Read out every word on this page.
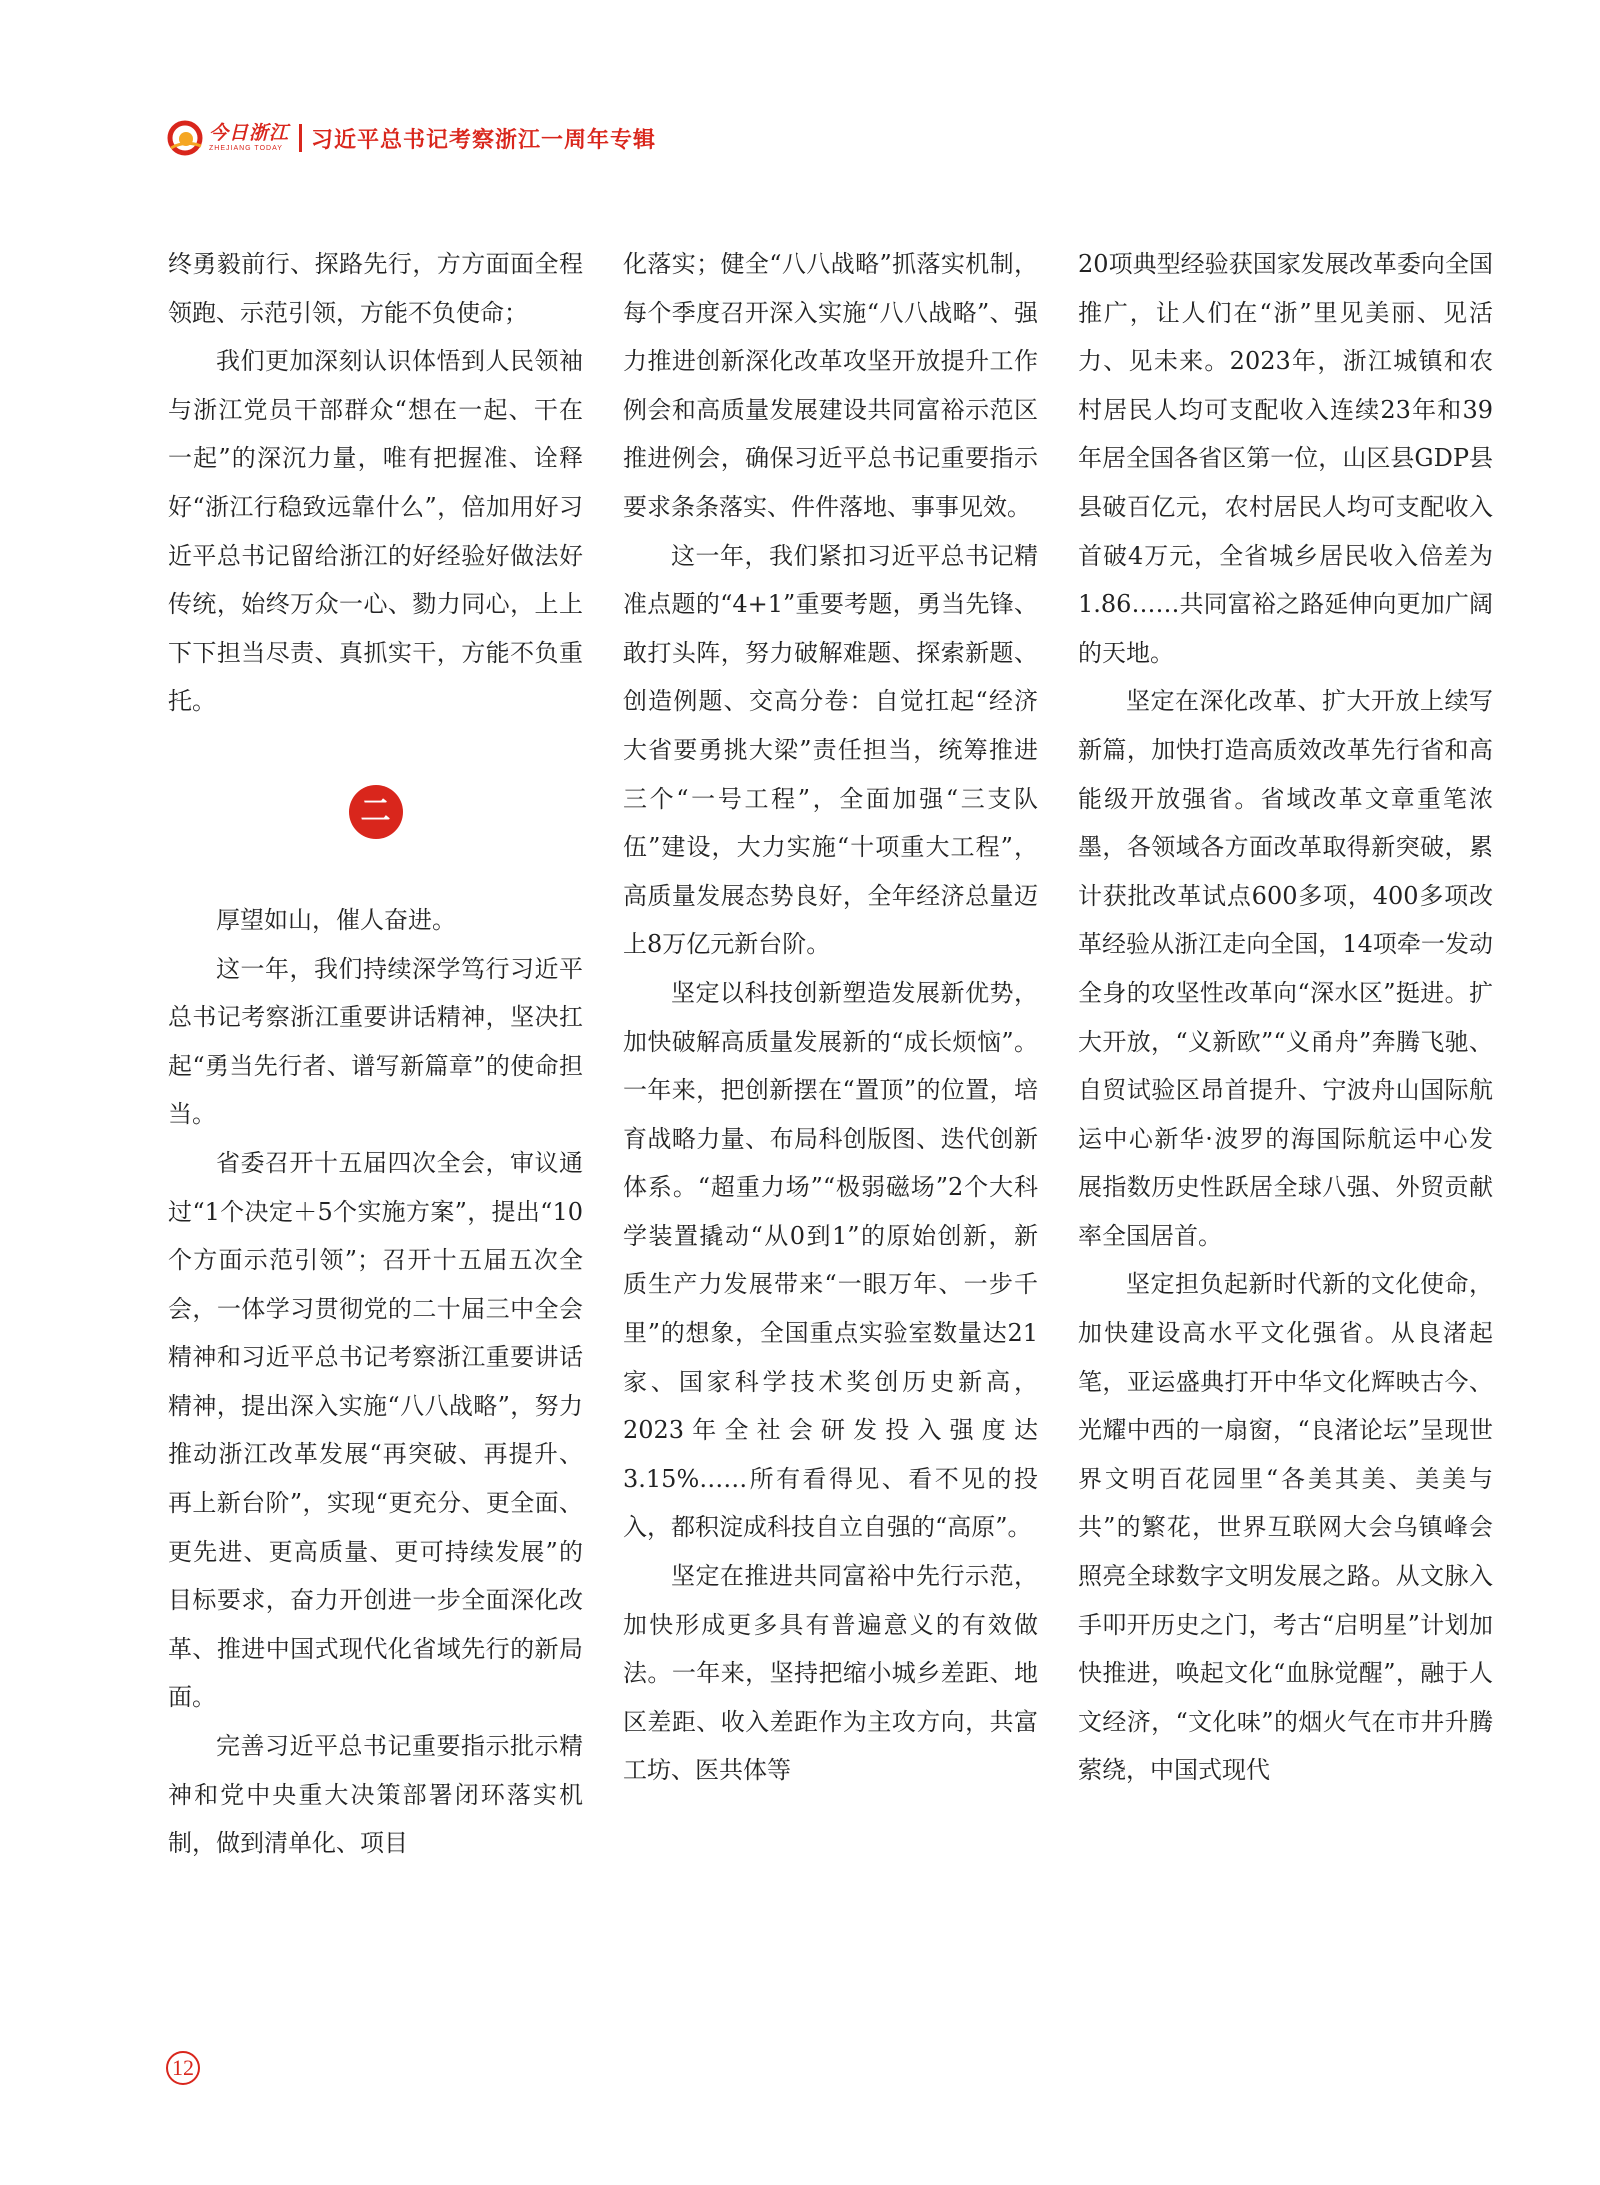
今日浙江
ZHEJIANG TODAY 习近平总书记考察浙江一周年专辑

终勇毅前行、探路先行，方方面面全程领跑、示范引领，方能不负使命；

我们更加深刻认识体悟到人民领袖与浙江党员干部群众“想在一起、干在一起”的深沉力量，唯有把握准、诠释好“浙江行稳致远靠什么”，倍加用好习近平总书记留给浙江的好经验好做法好传统，始终万众一心、勠力同心，上上下下担当尽责、真抓实干，方能不负重托。

二

厚望如山，催人奋进。

这一年，我们持续深学笃行习近平总书记考察浙江重要讲话精神，坚决扛起“勇当先行者、谱写新篇章”的使命担当。

省委召开十五届四次全会，审议通过“1个决定＋5个实施方案”，提出“10个方面示范引领”；召开十五届五次全会，一体学习贯彻党的二十届三中全会精神和习近平总书记考察浙江重要讲话精神，提出深入实施“八八战略”，努力推动浙江改革发展“再突破、再提升、再上新台阶”，实现“更充分、更全面、更先进、更高质量、更可持续发展”的目标要求，奋力开创进一步全面深化改革、推进中国式现代化省域先行的新局面。

完善习近平总书记重要指示批示精神和党中央重大决策部署闭环落实机制，做到清单化、项目

化落实；健全“八八战略”抓落实机制，每个季度召开深入实施“八八战略”、强力推进创新深化改革攻坚开放提升工作例会和高质量发展建设共同富裕示范区推进例会，确保习近平总书记重要指示要求条条落实、件件落地、事事见效。

这一年，我们紧扣习近平总书记精准点题的“4+1”重要考题，勇当先锋、敢打头阵，努力破解难题、探索新题、创造例题、交高分卷：自觉扛起“经济大省要勇挑大梁”责任担当，统筹推进三个“一号工程”，全面加强“三支队伍”建设，大力实施“十项重大工程”，高质量发展态势良好，全年经济总量迈上8万亿元新台阶。

坚定以科技创新塑造发展新优势，加快破解高质量发展新的“成长烦恼”。一年来，把创新摆在“置顶”的位置，培育战略力量、布局科创版图、迭代创新体系。“超重力场”“极弱磁场”2个大科学装置撬动“从0到1”的原始创新，新质生产力发展带来“一眼万年、一步千里”的想象，全国重点实验室数量达21家、国家科学技术奖创历史新高，2023年全社会研发投入强度达3.15%……所有看得见、看不见的投入，都积淀成科技自立自强的“高原”。

坚定在推进共同富裕中先行示范，加快形成更多具有普遍意义的有效做法。一年来，坚持把缩小城乡差距、地区差距、收入差距作为主攻方向，共富工坊、医共体等

20项典型经验获国家发展改革委向全国推广，让人们在“浙”里见美丽、见活力、见未来。2023年，浙江城镇和农村居民人均可支配收入连续23年和39年居全国各省区第一位，山区县GDP县县破百亿元，农村居民人均可支配收入首破4万元，全省城乡居民收入倍差为1.86……共同富裕之路延伸向更加广阔的天地。

坚定在深化改革、扩大开放上续写新篇，加快打造高质效改革先行省和高能级开放强省。省域改革文章重笔浓墨，各领域各方面改革取得新突破，累计获批改革试点600多项，400多项改革经验从浙江走向全国，14项牵一发动全身的攻坚性改革向“深水区”挺进。扩大开放，“义新欧”“义甬舟”奔腾飞驰、自贸试验区昂首提升、宁波舟山国际航运中心新华·波罗的海国际航运中心发展指数历史性跃居全球八强、外贸贡献率全国居首。

坚定担负起新时代新的文化使命，加快建设高水平文化强省。从良渚起笔，亚运盛典打开中华文化辉映古今、光耀中西的一扇窗，“良渚论坛”呈现世界文明百花园里“各美其美、美美与共”的繁花，世界互联网大会乌镇峰会照亮全球数字文明发展之路。从文脉入手叩开历史之门，考古“启明星”计划加快推进，唤起文化“血脉觉醒”，融于人文经济，“文化味”的烟火气在市井升腾萦绕，中国式现代

12
